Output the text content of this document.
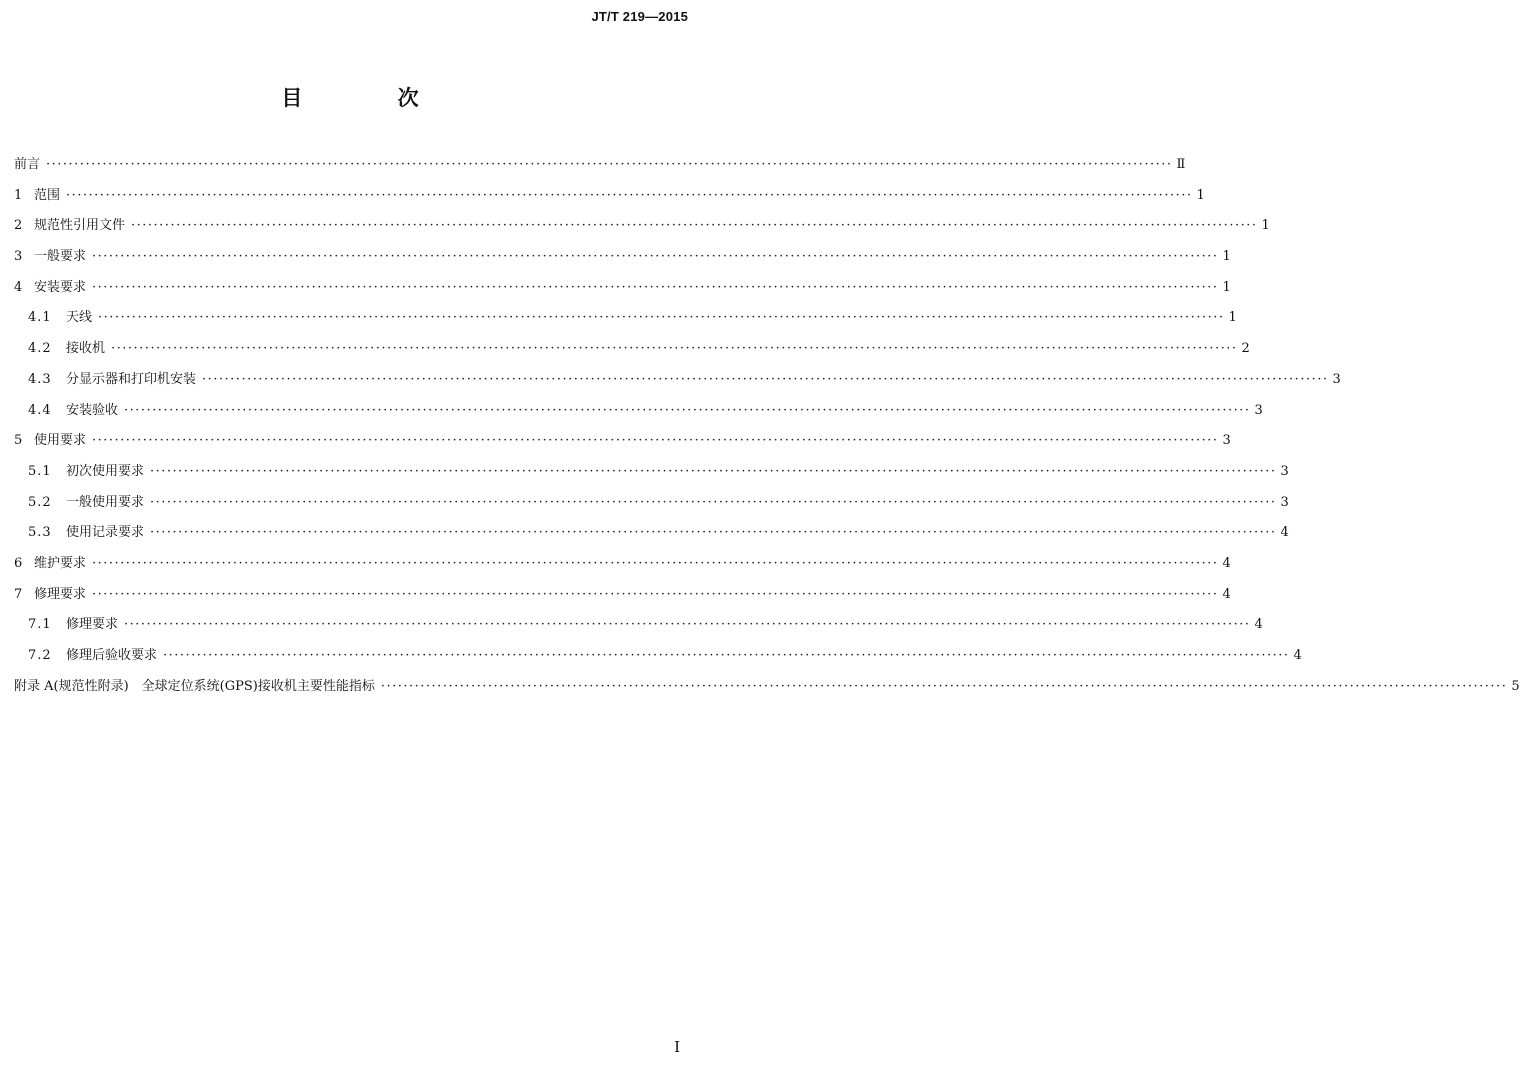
JT/T 219—2015
目 次
前言 ········································································································································································································ Ⅱ
1 范围 ········································································································································································································ 1
2 规范性引用文件 ········································································································································································································ 1
3 一般要求 ········································································································································································································ 1
4 安装要求 ········································································································································································································ 1
4.1	天线 ········································································································································································································ 1
4.2	接收机 ········································································································································································································ 2
4.3	分显示器和打印机安装 ········································································································································································································ 3
4.4	安装验收 ········································································································································································································ 3
5 使用要求 ········································································································································································································ 3
5.1	初次使用要求 ········································································································································································································ 3
5.2	一般使用要求 ········································································································································································································ 3
5.3	使用记录要求 ········································································································································································································ 4
6 维护要求 ········································································································································································································ 4
7 修理要求 ········································································································································································································ 4
7.1	修理要求 ········································································································································································································ 4
7.2	修理后验收要求 ········································································································································································································ 4
附录 A(规范性附录)　全球定位系统(GPS)接收机主要性能指标 ········································································································································································································ 5
I
